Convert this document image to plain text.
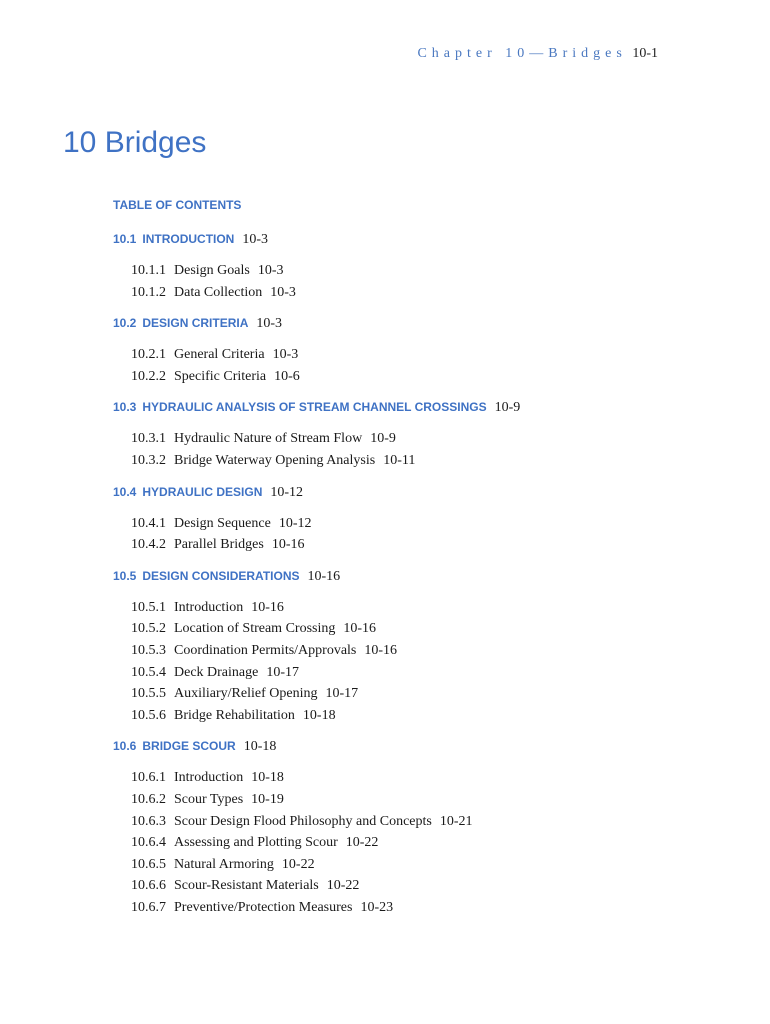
Chapter 10—Bridges 10-1
10 Bridges
TABLE OF CONTENTS
10.1 INTRODUCTION 10-3
10.1.1 Design Goals 10-3
10.1.2 Data Collection 10-3
10.2 DESIGN CRITERIA 10-3
10.2.1 General Criteria 10-3
10.2.2 Specific Criteria 10-6
10.3 HYDRAULIC ANALYSIS OF STREAM CHANNEL CROSSINGS 10-9
10.3.1 Hydraulic Nature of Stream Flow 10-9
10.3.2 Bridge Waterway Opening Analysis 10-11
10.4 HYDRAULIC DESIGN 10-12
10.4.1 Design Sequence 10-12
10.4.2 Parallel Bridges 10-16
10.5 DESIGN CONSIDERATIONS 10-16
10.5.1 Introduction 10-16
10.5.2 Location of Stream Crossing 10-16
10.5.3 Coordination Permits/Approvals 10-16
10.5.4 Deck Drainage 10-17
10.5.5 Auxiliary/Relief Opening 10-17
10.5.6 Bridge Rehabilitation 10-18
10.6 BRIDGE SCOUR 10-18
10.6.1 Introduction 10-18
10.6.2 Scour Types 10-19
10.6.3 Scour Design Flood Philosophy and Concepts 10-21
10.6.4 Assessing and Plotting Scour 10-22
10.6.5 Natural Armoring 10-22
10.6.6 Scour-Resistant Materials 10-22
10.6.7 Preventive/Protection Measures 10-23
